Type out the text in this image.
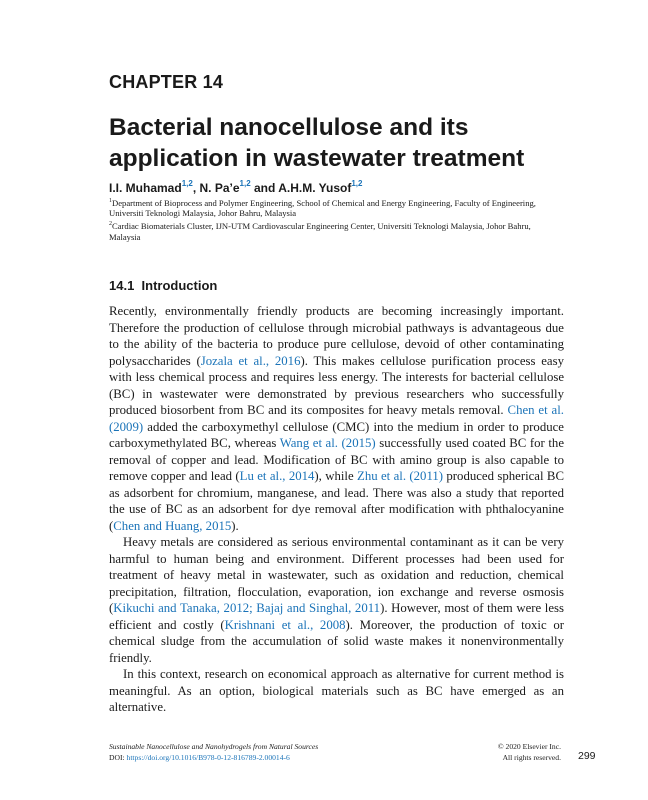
CHAPTER 14
Bacterial nanocellulose and its
application in wastewater treatment
I.I. Muhamad$^{1,2}$, N. $Pa’e^{1,2}$ and A.H.M. Yusof$^{1,2}$
$^1$Department of Bioprocess and Polymer Engineering, School of Chemical and Energy Engineering, Faculty of Engineering, Universiti Teknologi Malaysia, Johor Bahru, Malaysia
$^2$Cardiac Biomaterials Cluster, IJN-UTM Cardiovascular Engineering Center, Universiti Teknologi Malaysia, Johor Bahru, Malaysia
14.1 Introduction

Recently, environmentally friendly products are becoming increasingly important. Therefore the production of cellulose through microbial pathways is advantageous due to the ability of the bacteria to produce pure cellulose, devoid of other contaminating polysaccharides (Jozala et al., 2016). This makes cellulose purification process easy with less chemical process and requires less energy. The interests for bacterial cellulose (BC) in wastewater were demonstrated by previous researchers who successfully produced biosorbent from BC and its composites for heavy metals removal. Chen et al. (2009) added the carboxymethyl cellulose (CMC) into the medium in order to produce carboxymethylated BC, whereas Wang et al. (2015) successfully used coated BC for the removal of copper and lead. Modification of BC with amino group is also capable to remove copper and lead (Lu et al., 2014), while Zhu et al. (2011) produced spherical BC as adsorbent for chromium, manganese, and lead. There was also a study that reported the use of BC as an adsorbent for dye removal after modification with phthalocyanine (Chen and Huang, 2015).

Heavy metals are considered as serious environmental contaminant as it can be very harmful to human being and environment. Different processes had been used for treatment of heavy metal in wastewater, such as oxidation and reduction, chemical precipitation, filtration, flocculation, evaporation, ion exchange and reverse osmosis (Kikuchi and Tanaka, 2012; Bajaj and Singhal, 2011). However, most of them were less efficient and costly (Krishnani et al., 2008). Moreover, the production of toxic or chemical sludge from the accumulation of solid waste makes it nonenvironmentally friendly.

In this context, research on economical approach as alternative for current method is meaningful. As an option, biological materials such as BC have emerged as an alternative.

Sustainable Nanocellulose and Nanohydrogels from Natural Sources
DOI: https://doi.org/10.1016/B978-0-12-816789-2.00014-6
© 2020 Elsevier Inc.
All rights reserved. 299
